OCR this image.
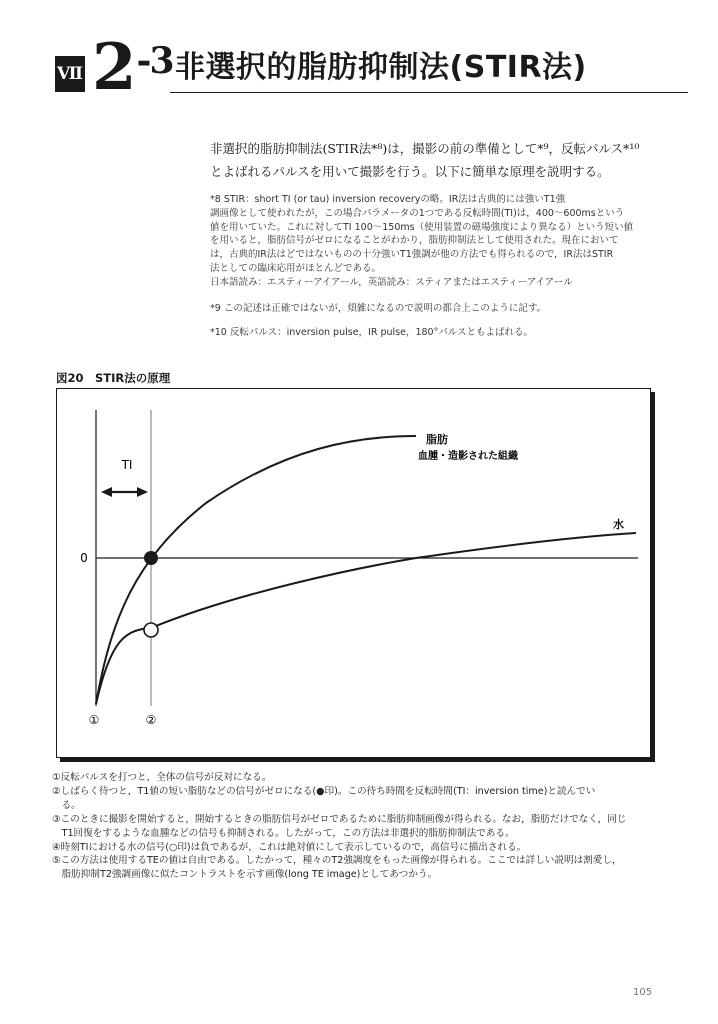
Ⅶ $2^{-3}$ 非選択的脂肪抑制法(STIR法)
非選択的脂肪抑制法(STIR法*⁸)は，撮影の前の準備として*⁹，反転パルス*¹⁰
とよばれるパルスを用いて撮影を行う。以下に簡単な原理を説明する。
*8 STIR：short TI (or tau) inversion recoveryの略。IR法は古典的には強いT1強
調画像として使われたが，この場合パラメータの1つである反転時間(TI)は，400～600msという
値を用いていた。これに対してTI 100～150ms（使用装置の磁場強度により異なる）という短い値
を用いると，脂肪信号がゼロになることがわかり，脂肪抑制法として使用された。現在において
は，古典的IR法はどではないものの十分強いT1強調が他の方法でも得られるので，IR法はSTIR
法としての臨床応用がほとんどである。
日本語読み：エスティーアイアール，英語読み：スティアまたはエスティーアイアール
*9 この記述は正確ではないが，煩雑になるので説明の都合上このように記す。
*10 反転パルス：inversion pulse，IR pulse，180°パルスともよばれる。
図20　STIR法の原理
0
TI
脂肪
血腫・造影された組織
水
①	②
①反転パルスを打つと，全体の信号が反対になる。
②しばらく待つと，T1値の短い脂肪などの信号がゼロになる(●印)。この待ち時間を反転時間(TI：inversion time)と読んでい
　る。
③このときに撮影を開始すると，開始するときの脂肪信号がゼロであるために脂肪抑制画像が得られる。なお，脂肪だけでなく，同じ
　T1回復をするような血腫などの信号も抑制される。したがって，この方法は非選択的脂肪抑制法である。
④時刻TIにおける水の信号(○印)は負であるが，これは絶対値にして表示しているので，高信号に描出される。
⑤この方法は使用するTEの値は自由である。したかって，種々のT2強調度をもった画像が得られる。ここでは詳しい説明は割愛し，
　脂肪抑制T2強調画像に似たコントラストを示す画像(long TE image)としてあつかう。
105
